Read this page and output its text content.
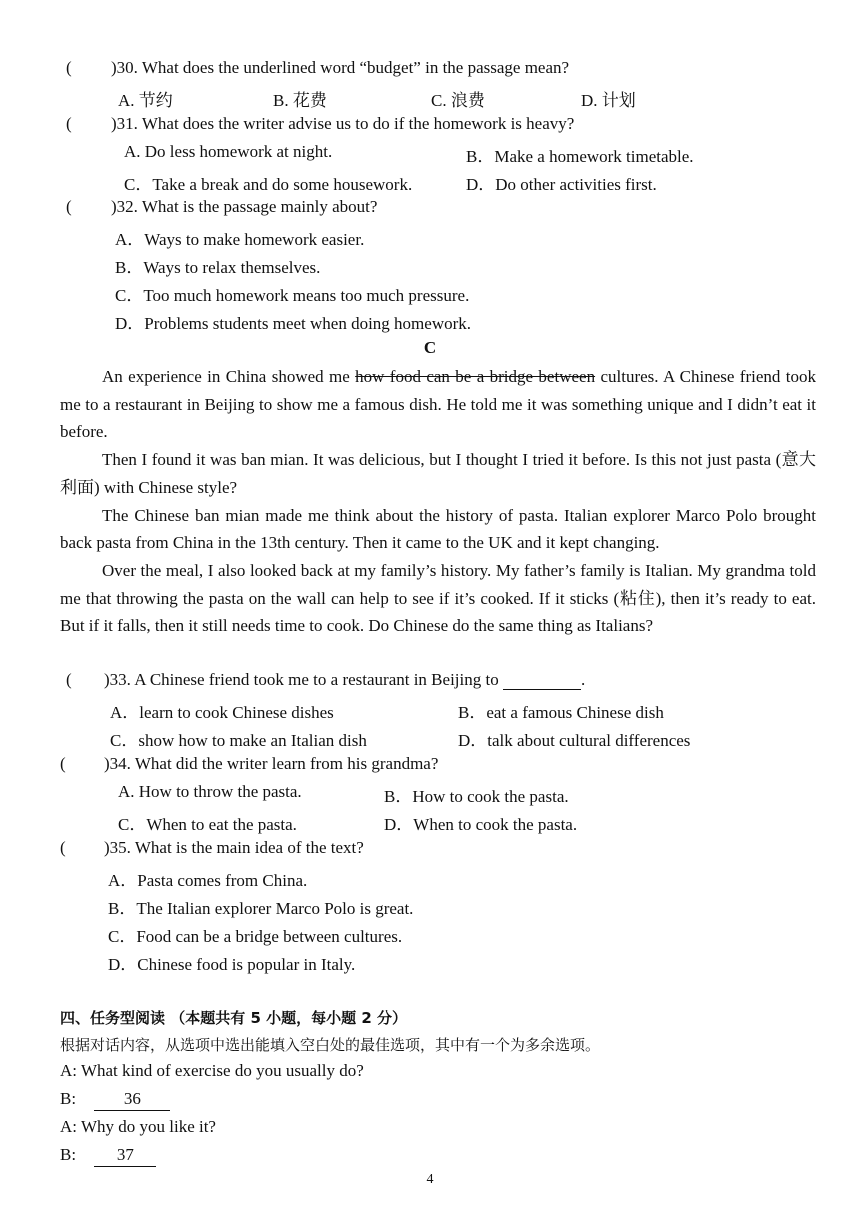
( )30. What does the underlined word “budget” in the passage mean?
A. 节约	B. 花费	C. 浪费	D. 计划
( )31. What does the writer advise us to do if the homework is heavy?
A. Do less homework at night.	B．Make a homework timetable.
C．Take a break and do some housework.	D．Do other activities first.
( )32. What is the passage mainly about?
A．Ways to make homework easier.
B．Ways to relax themselves.
C．Too much homework means too much pressure.
D．Problems students meet when doing homework.
C

An experience in China showed me how food can be a bridge between cultures. A Chinese friend took me to a restaurant in Beijing to show me a famous dish. He told me it was something unique and I didn’t eat it before.

Then I found it was ban mian. It was delicious, but I thought I tried it before. Is this not just pasta (意大利面) with Chinese style?

The Chinese ban mian made me think about the history of pasta. Italian explorer Marco Polo brought back pasta from China in the 13th century. Then it came to the UK and it kept changing.

Over the meal, I also looked back at my family’s history. My father’s family is Italian. My grandma told me that throwing the pasta on the wall can help to see if it’s cooked. If it sticks (粘住), then it’s ready to eat. But if it falls, then it still needs time to cook. Do Chinese do the same thing as Italians?

( )33. A Chinese friend took me to a restaurant in Beijing to	.
A．learn to cook Chinese dishes	B．eat a famous Chinese dish
C．show how to make an Italian dish	D．talk about cultural differences
( )34. What did the writer learn from his grandma?
A. How to throw the pasta.	B．How to cook the pasta.
C．When to eat the pasta.	D．When to cook the pasta.
( )35. What is the main idea of the text?
A．Pasta comes from China.
B．The Italian explorer Marco Polo is great.
C．Food can be a bridge between cultures.
D．Chinese food is popular in Italy.
四、任务型阅读 （本题共有 5 小题，每小题 2 分）
根据对话内容，从选项中选出能填入空白处的最佳选项，其中有一个为多余选项。
A: What kind of exercise do you usually do?
B:	36
A: Why do you like it?
B: 37
4
